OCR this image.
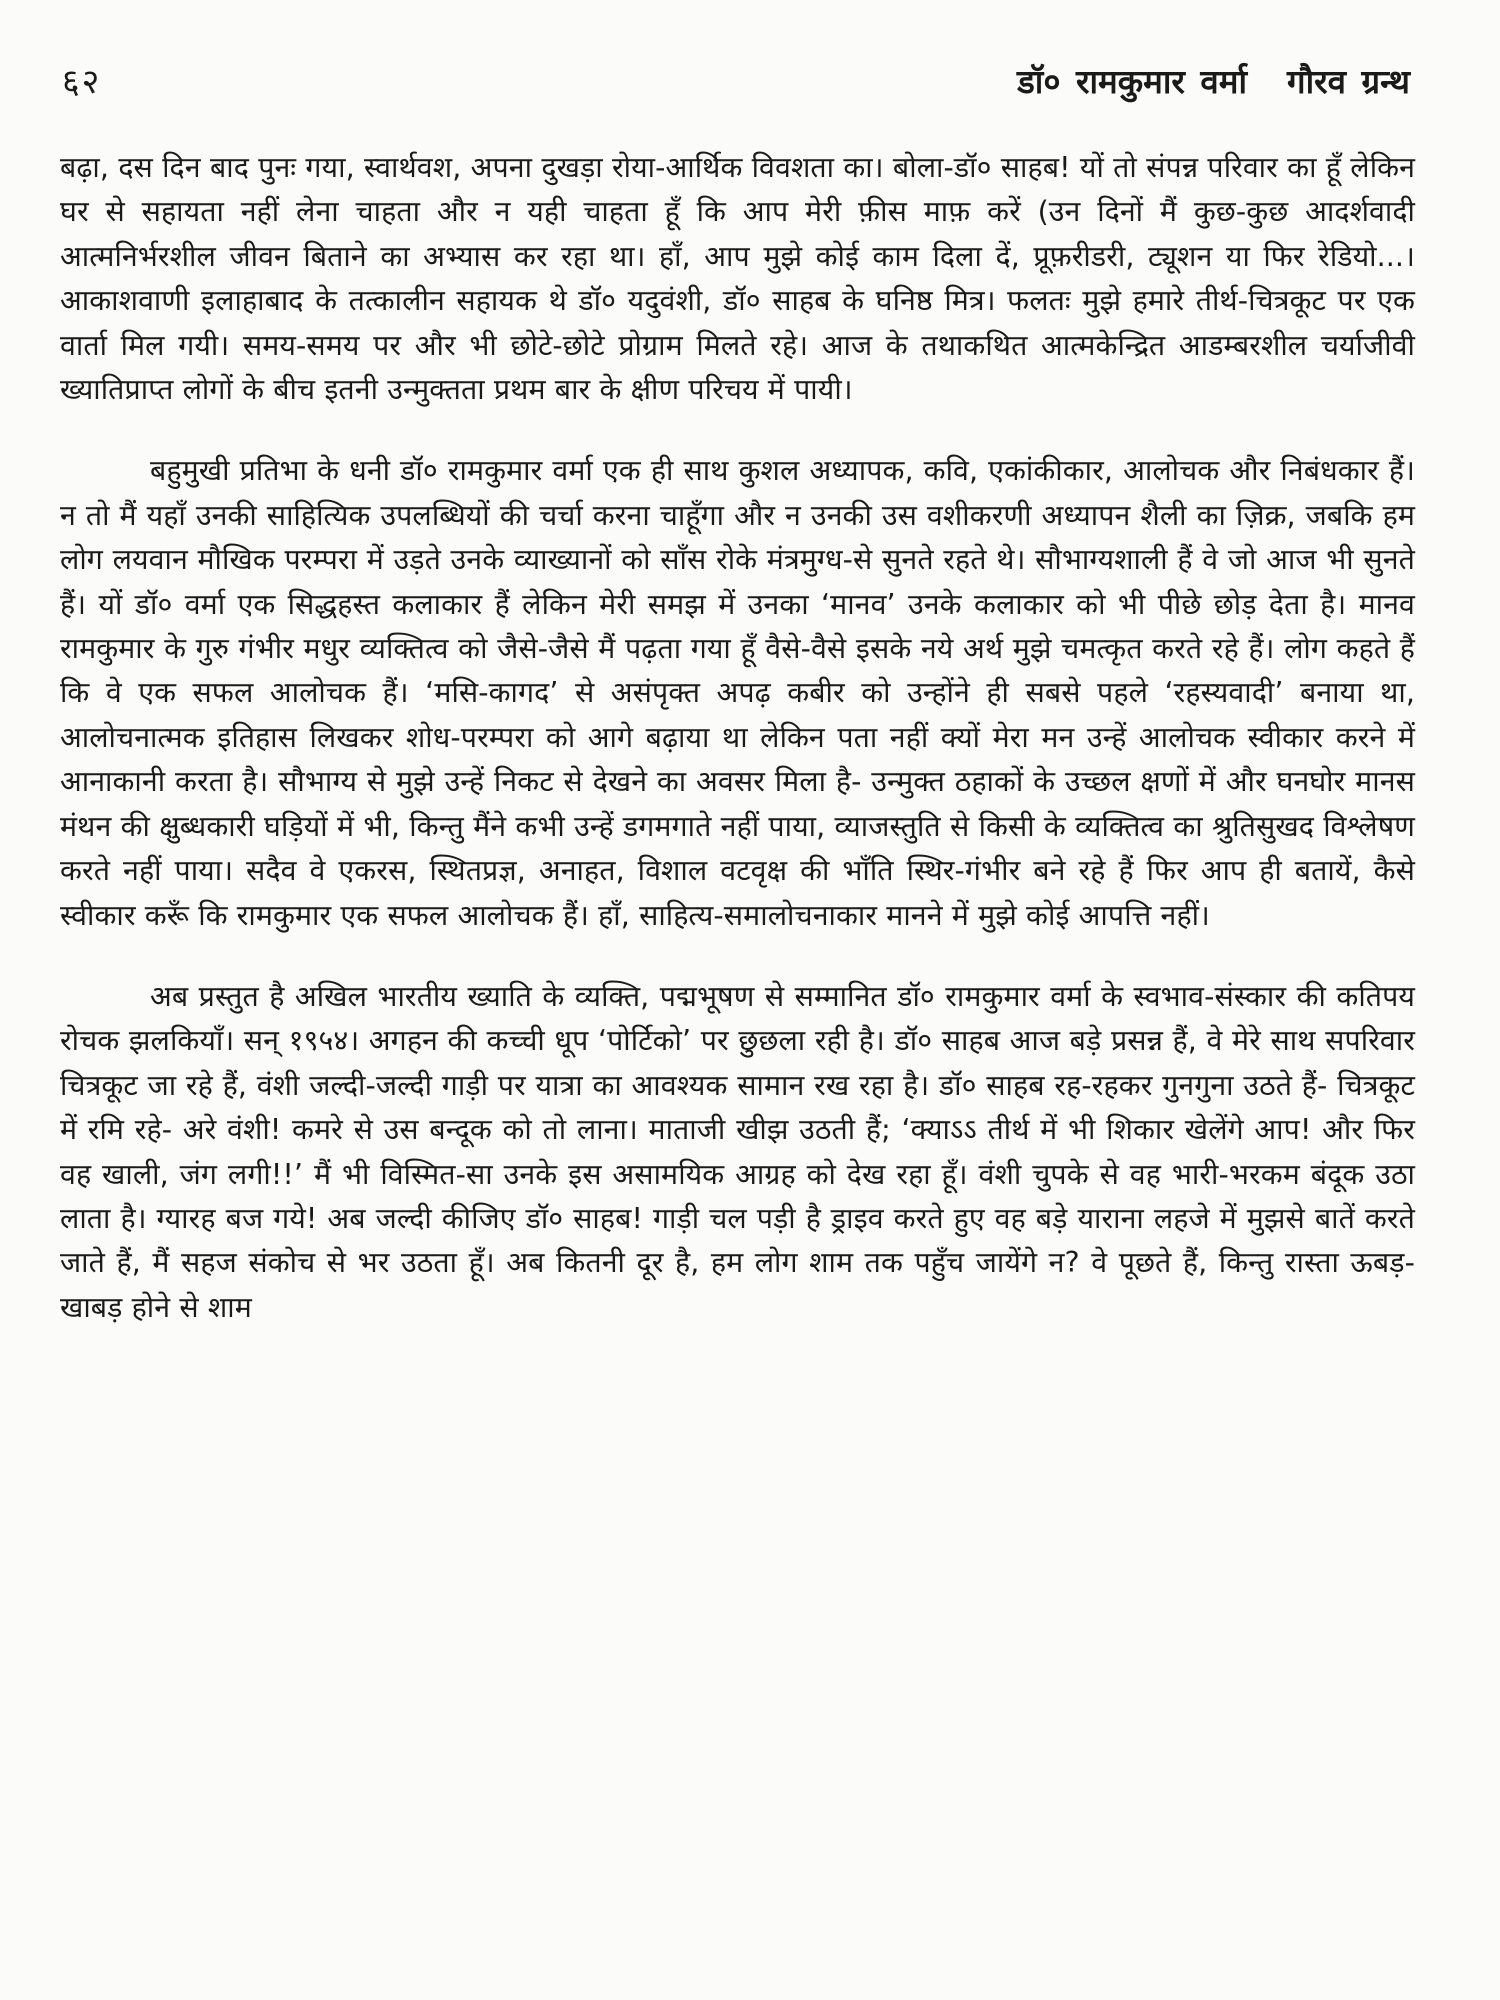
६२	डॉ० रामकुमार वर्मा गौरव ग्रन्थ

बढ़ा, दस दिन बाद पुनः गया, स्वार्थवश, अपना दुखड़ा रोया-आर्थिक विवशता का। बोला-डॉ० साहब! यों तो संपन्न परिवार का हूँ लेकिन घर से सहायता नहीं लेना चाहता और न यही चाहता हूँ कि आप मेरी फ़ीस माफ़ करें (उन दिनों मैं कुछ-कुछ आदर्शवादी आत्मनिर्भरशील जीवन बिताने का अभ्यास कर रहा था। हाँ, आप मुझे कोई काम दिला दें, प्रूफ़रीडरी, ट्यूशन या फिर रेडियो...। आकाशवाणी इलाहाबाद के तत्कालीन सहायक थे डॉ० यदुवंशी, डॉ० साहब के घनिष्ठ मित्र। फलतः मुझे हमारे तीर्थ-चित्रकूट पर एक वार्ता मिल गयी। समय-समय पर और भी छोटे-छोटे प्रोग्राम मिलते रहे। आज के तथाकथित आत्मकेन्द्रित आडम्बरशील चर्याजीवी ख्यातिप्राप्त लोगों के बीच इतनी उन्मुक्तता प्रथम बार के क्षीण परिचय में पायी।

बहुमुखी प्रतिभा के धनी डॉ० रामकुमार वर्मा एक ही साथ कुशल अध्यापक, कवि, एकांकीकार, आलोचक और निबंधकार हैं। न तो मैं यहाँ उनकी साहित्यिक उपलब्धियों की चर्चा करना चाहूँगा और न उनकी उस वशीकरणी अध्यापन शैली का ज़िक्र, जबकि हम लोग लयवान मौखिक परम्परा में उड़ते उनके व्याख्यानों को साँस रोके मंत्रमुग्ध-से सुनते रहते थे। सौभाग्यशाली हैं वे जो आज भी सुनते हैं। यों डॉ० वर्मा एक सिद्धहस्त कलाकार हैं लेकिन मेरी समझ में उनका ‘मानव’ उनके कलाकार को भी पीछे छोड़ देता है। मानव रामकुमार के गुरु गंभीर मधुर व्यक्तित्व को जैसे-जैसे मैं पढ़ता गया हूँ वैसे-वैसे इसके नये अर्थ मुझे चमत्कृत करते रहे हैं। लोग कहते हैं कि वे एक सफल आलोचक हैं। ‘मसि-कागद’ से असंपृक्त अपढ़ कबीर को उन्होंने ही सबसे पहले ‘रहस्यवादी’ बनाया था, आलोचनात्मक इतिहास लिखकर शोध-परम्परा को आगे बढ़ाया था लेकिन पता नहीं क्यों मेरा मन उन्हें आलोचक स्वीकार करने में आनाकानी करता है। सौभाग्य से मुझे उन्हें निकट से देखने का अवसर मिला है- उन्मुक्त ठहाकों के उच्छल क्षणों में और घनघोर मानस मंथन की क्षुब्धकारी घड़ियों में भी, किन्तु मैंने कभी उन्हें डगमगाते नहीं पाया, व्याजस्तुति से किसी के व्यक्तित्व का श्रुतिसुखद विश्लेषण करते नहीं पाया। सदैव वे एकरस, स्थितप्रज्ञ, अनाहत, विशाल वटवृक्ष की भाँति स्थिर-गंभीर बने रहे हैं फिर आप ही बतायें, कैसे स्वीकार करूँ कि रामकुमार एक सफल आलोचक हैं। हाँ, साहित्य-समालोचनाकार मानने में मुझे कोई आपत्ति नहीं।

अब प्रस्तुत है अखिल भारतीय ख्याति के व्यक्ति, पद्मभूषण से सम्मानित डॉ० रामकुमार वर्मा के स्वभाव-संस्कार की कतिपय रोचक झलकियाँ। सन् १९५४। अगहन की कच्ची धूप ‘पोर्टिको’ पर छुछला रही है। डॉ० साहब आज बड़े प्रसन्न हैं, वे मेरे साथ सपरिवार चित्रकूट जा रहे हैं, वंशी जल्दी-जल्दी गाड़ी पर यात्रा का आवश्यक सामान रख रहा है। डॉ० साहब रह-रहकर गुनगुना उठते हैं- चित्रकूट में रमि रहे- अरे वंशी! कमरे से उस बन्दूक को तो लाना। माताजी खीझ उठती हैं; ‘क्याऽऽ तीर्थ में भी शिकार खेलेंगे आप! और फिर वह खाली, जंग लगी!!’ मैं भी विस्मित-सा उनके इस असामयिक आग्रह को देख रहा हूँ। वंशी चुपके से वह भारी-भरकम बंदूक उठा लाता है। ग्यारह बज गये! अब जल्दी कीजिए डॉ० साहब! गाड़ी चल पड़ी है ड्राइव करते हुए वह बड़े याराना लहजे में मुझसे बातें करते जाते हैं, मैं सहज संकोच से भर उठता हूँ। अब कितनी दूर है, हम लोग शाम तक पहुँच जायेंगे न? वे पूछते हैं, किन्तु रास्ता ऊबड़-खाबड़ होने से शाम
